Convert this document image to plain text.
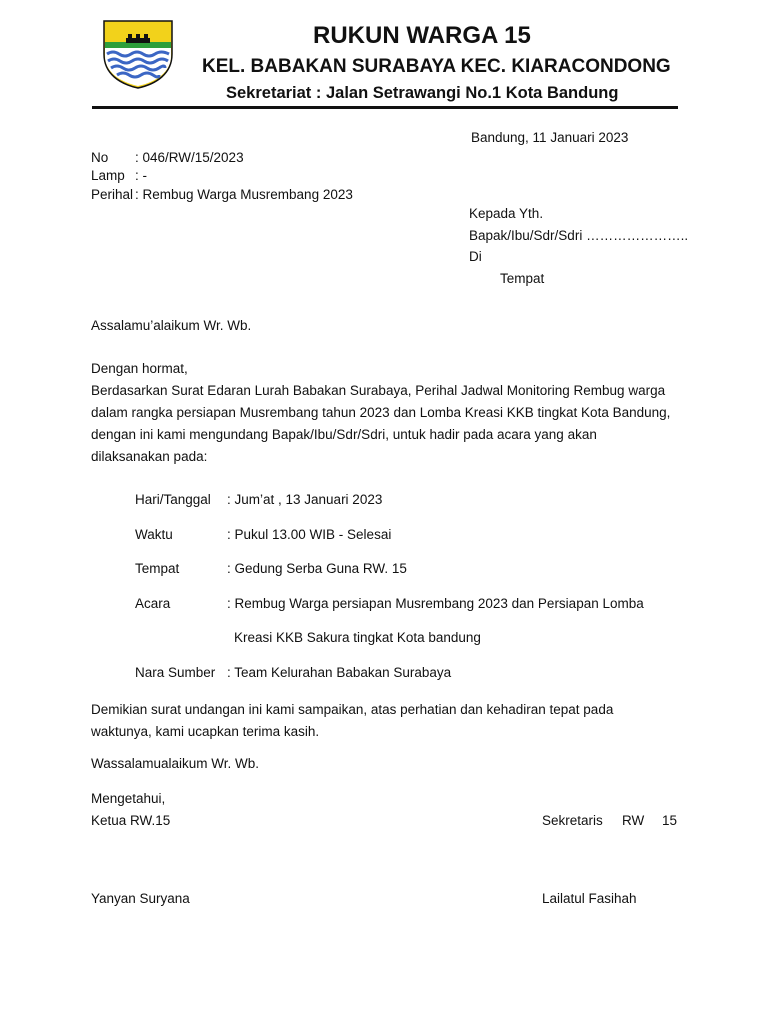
RUKUN WARGA 15
KEL. BABAKAN SURABAYA KEC. KIARACONDONG
Sekretariat : Jalan Setrawangi No.1 Kota Bandung
Bandung, 11 Januari 2023
No : 046/RW/15/2023
Lamp : -
Perihal : Rembug Warga Musrembang 2023
Kepada Yth.
Bapak/Ibu/Sdr/Sdri …………………..
Di
Tempat
Assalamu’alaikum Wr. Wb.
Dengan hormat,
Berdasarkan Surat Edaran Lurah Babakan Surabaya, Perihal Jadwal Monitoring Rembug warga
dalam rangka persiapan Musrembang tahun 2023 dan Lomba Kreasi KKB tingkat Kota Bandung,
dengan ini kami mengundang Bapak/Ibu/Sdr/Sdri, untuk hadir pada acara yang akan
dilaksanakan pada:
Hari/Tanggal : Jum’at , 13 Januari 2023
Waktu	: Pukul 13.00 WIB - Selesai
Tempat	: Gedung Serba Guna RW. 15
Acara	: Rembug Warga persiapan Musrembang 2023 dan Persiapan Lomba
Kreasi KKB Sakura tingkat Kota bandung
Nara Sumber : Team Kelurahan Babakan Surabaya
Demikian surat undangan ini kami sampaikan, atas perhatian dan kehadiran tepat pada
waktunya, kami ucapkan terima kasih.
Wassalamualaikum Wr. Wb.
Mengetahui,
Ketua RW.15	Sekretaris RW 15
Yanyan Suryana	Lailatul Fasihah
